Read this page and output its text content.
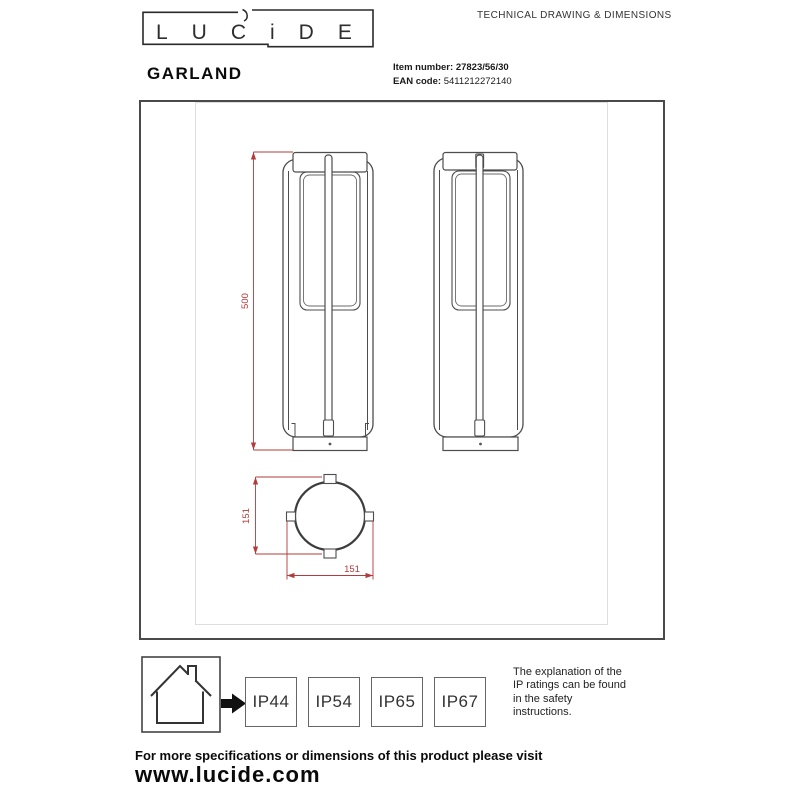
LUCiDE
TECHNICAL DRAWING & DIMENSIONS
GARLAND	Item number: 27823/56/30
EAN code: 5411212272140
500
151
151
IP44 IP54 IP65 IP67
The explanation of the
IP ratings can be found
in the safety
instructions.
For more specifications or dimensions of this product please visit
www.lucide.com
